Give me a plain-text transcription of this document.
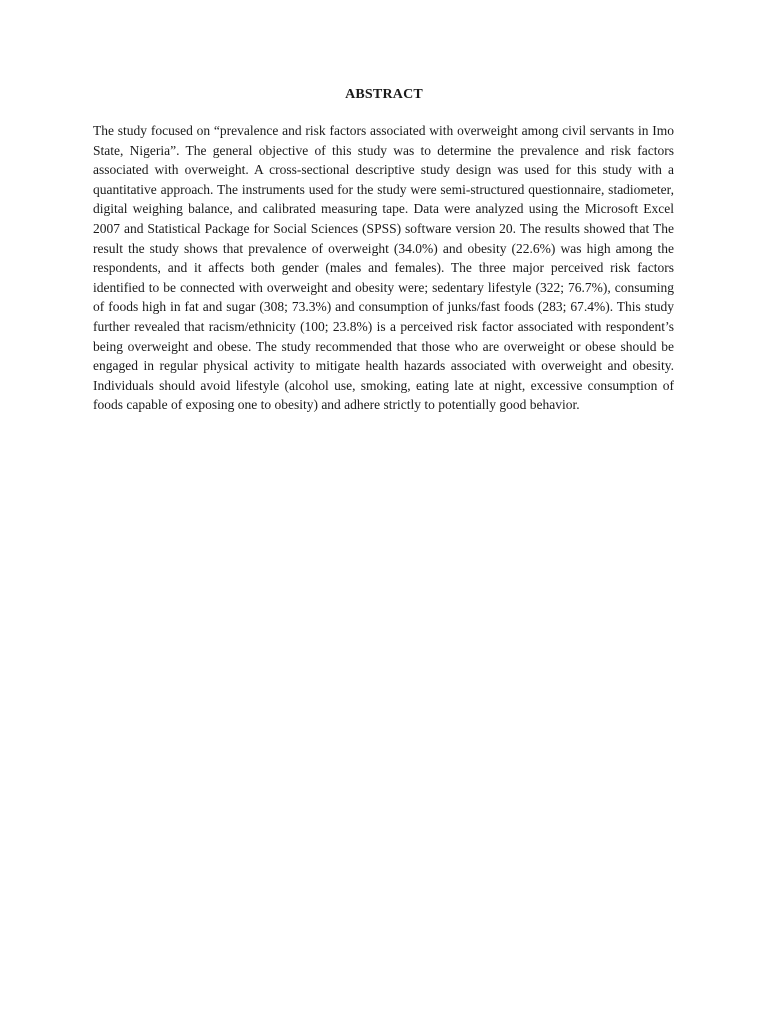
ABSTRACT

The study focused on “prevalence and risk factors associated with overweight among civil servants in Imo State, Nigeria”. The general objective of this study was to determine the prevalence and risk factors associated with overweight. A cross-sectional descriptive study design was used for this study with a quantitative approach. The instruments used for the study were semi-structured questionnaire, stadiometer, digital weighing balance, and calibrated measuring tape. Data were analyzed using the Microsoft Excel 2007 and Statistical Package for Social Sciences (SPSS) software version 20. The results showed that The result the study shows that prevalence of overweight (34.0%) and obesity (22.6%) was high among the respondents, and it affects both gender (males and females). The three major perceived risk factors identified to be connected with overweight and obesity were; sedentary lifestyle (322; 76.7%), consuming of foods high in fat and sugar (308; 73.3%) and consumption of junks/fast foods (283; 67.4%). This study further revealed that racism/ethnicity (100; 23.8%) is a perceived risk factor associated with respondent’s being overweight and obese. The study recommended that those who are overweight or obese should be engaged in regular physical activity to mitigate health hazards associated with overweight and obesity. Individuals should avoid lifestyle (alcohol use, smoking, eating late at night, excessive consumption of foods capable of exposing one to obesity) and adhere strictly to potentially good behavior.
